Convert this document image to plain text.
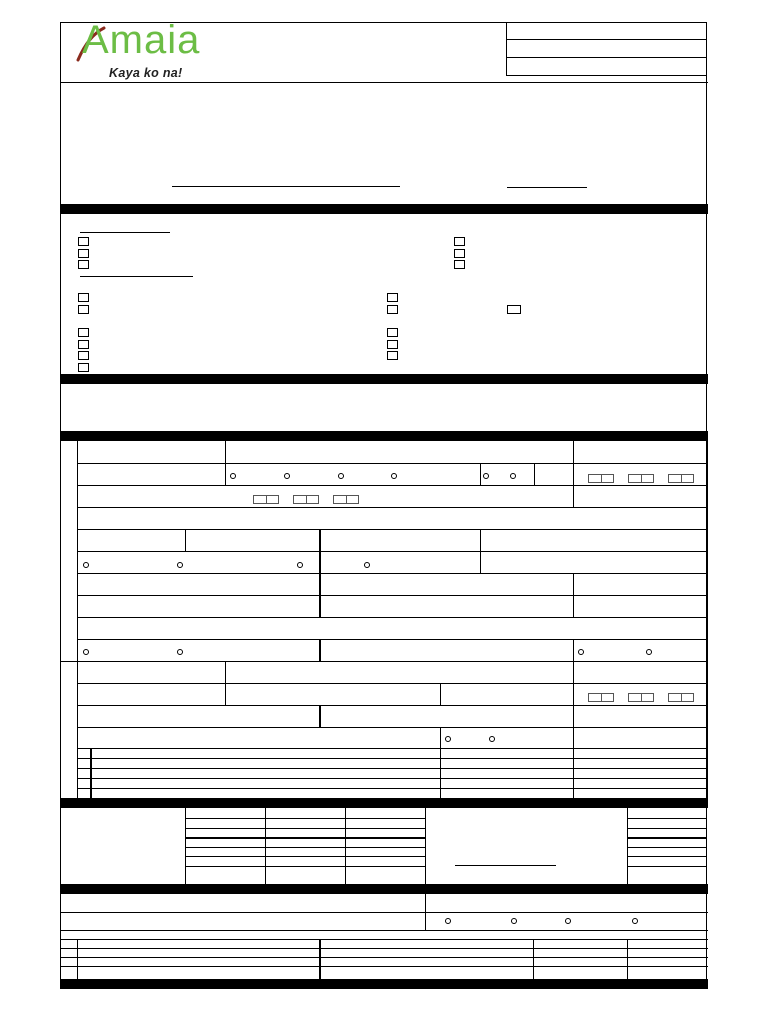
Amaia
Kaya ko na!
